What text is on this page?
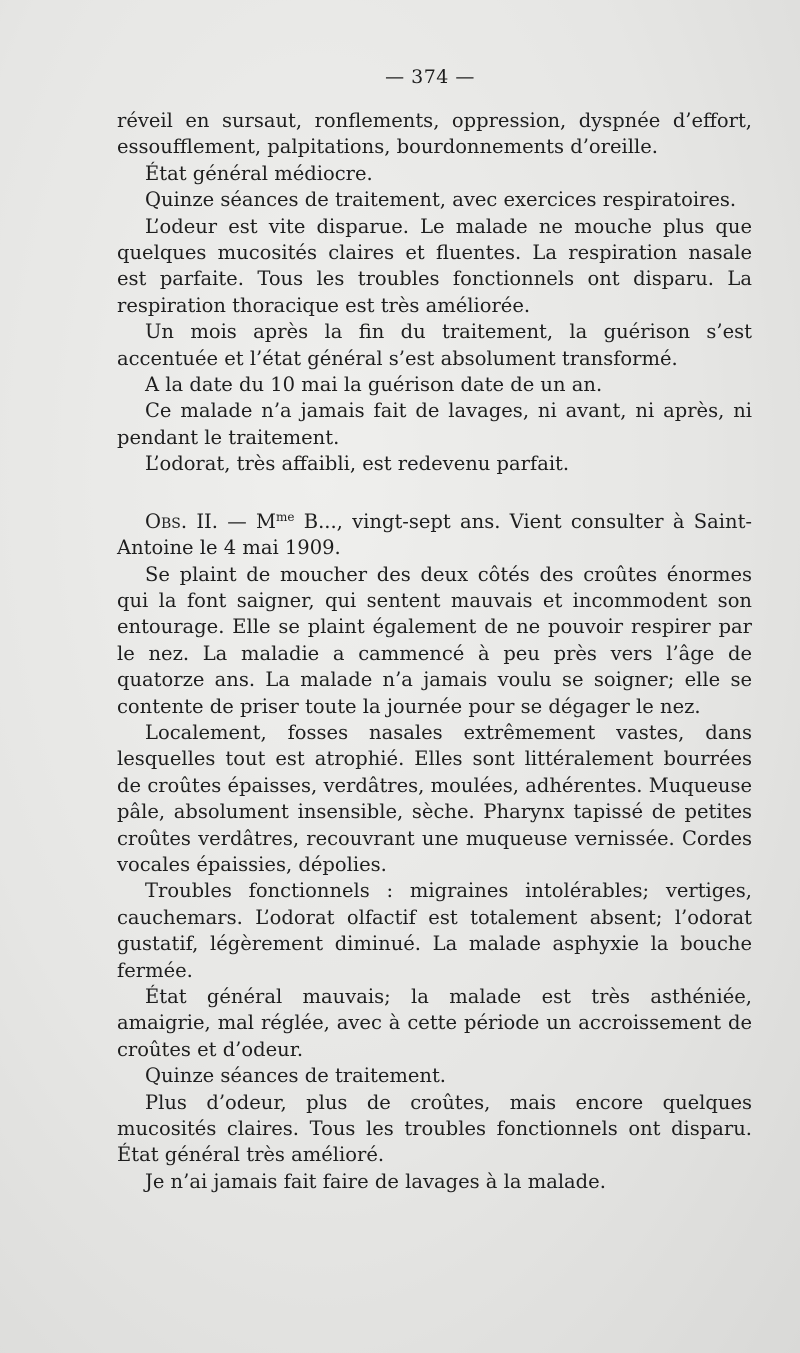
— 374 —

réveil en sursaut, ronflements, oppression, dyspnée d’effort, essoufflement, palpitations, bourdonnements d’oreille.

État général médiocre.

Quinze séances de traitement, avec exercices respiratoires.

L’odeur est vite disparue. Le malade ne mouche plus que quelques mucosités claires et fluentes. La respiration nasale est parfaite. Tous les troubles fonctionnels ont disparu. La respiration thoracique est très améliorée.

Un mois après la fin du traitement, la guérison s’est accentuée et l’état général s’est absolument transformé.

A la date du 10 mai la guérison date de un an.

Ce malade n’a jamais fait de lavages, ni avant, ni après, ni pendant le traitement.

L’odorat, très affaibli, est redevenu parfait.

Obs. II. — $M^{me}$ B..., vingt-sept ans. Vient consulter à Saint-Antoine le 4 mai 1909.

Se plaint de moucher des deux côtés des croûtes énormes qui la font saigner, qui sentent mauvais et incommodent son entourage. Elle se plaint également de ne pouvoir respirer par le nez. La maladie a cammencé à peu près vers l’âge de quatorze ans. La malade n’a jamais voulu se soigner; elle se contente de priser toute la journée pour se dégager le nez.

Localement, fosses nasales extrêmement vastes, dans lesquelles tout est atrophié. Elles sont littéralement bourrées de croûtes épaisses, verdâtres, moulées, adhérentes. Muqueuse pâle, absolument insensible, sèche. Pharynx tapissé de petites croûtes verdâtres, recouvrant une muqueuse vernissée. Cordes vocales épaissies, dépolies.

Troubles fonctionnels : migraines intolérables; vertiges, cauchemars. L’odorat olfactif est totalement absent; l’odorat gustatif, légèrement diminué. La malade asphyxie la bouche fermée.

État général mauvais; la malade est très asthéniée, amaigrie, mal réglée, avec à cette période un accroissement de croûtes et d’odeur.

Quinze séances de traitement.

Plus d’odeur, plus de croûtes, mais encore quelques mucosités claires. Tous les troubles fonctionnels ont disparu. État général très amélioré.

Je n’ai jamais fait faire de lavages à la malade.
